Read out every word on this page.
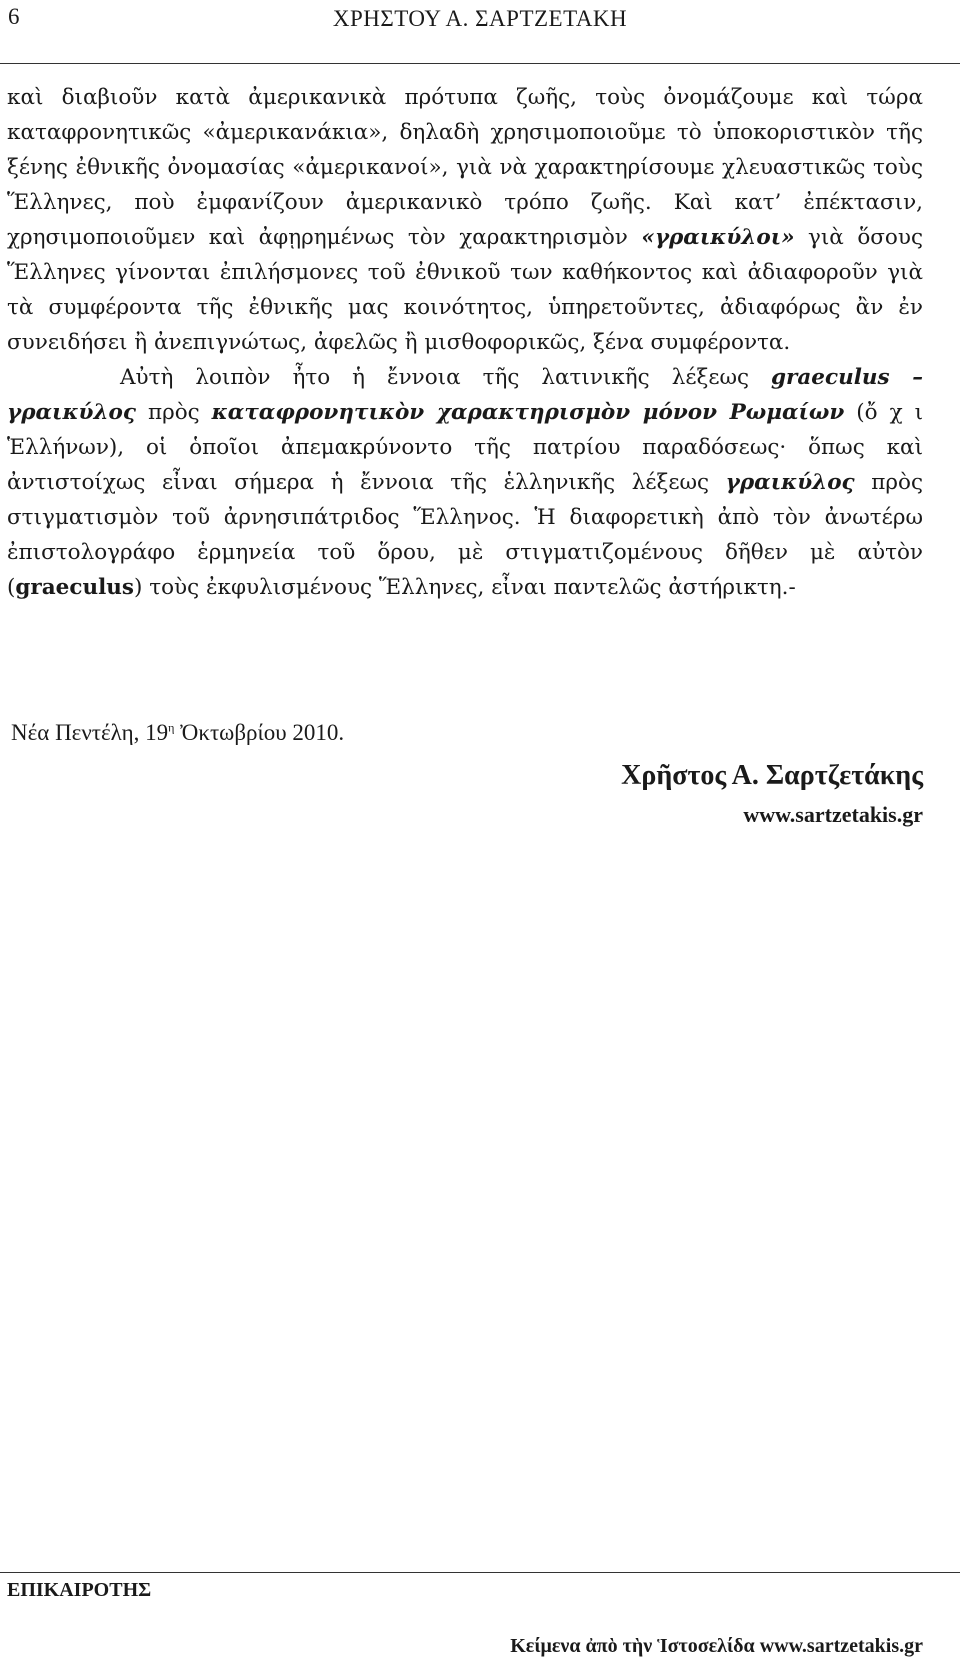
6	ΧΡΗΣΤΟΥ Α. ΣΑΡΤΖΕΤΑΚΗ

καὶ διαβιοῦν κατὰ ἀμερικανικὰ πρότυπα ζωῆς, τοὺς ὀνομάζουμε καὶ τώρα καταφρονητικῶς «ἀμερικανάκια», δηλαδὴ χρησιμοποιοῦμε τὸ ὑποκοριστικὸν τῆς ξένης ἐθνικῆς ὀνομασίας «ἀμερικανοί», γιὰ νὰ χαρακτηρίσουμε χλευαστικῶς τοὺς Ἕλληνες, ποὺ ἐμφανίζουν ἀμερικανικὸ τρόπο ζωῆς. Καὶ κατ’ ἐπέκτασιν, χρησιμοποιοῦμεν καὶ ἀφῃρημένως τὸν χαρακτηρισμὸν «γραικύλοι» γιὰ ὅσους Ἕλληνες γίνονται ἐπιλήσμονες τοῦ ἐθνικοῦ των καθήκοντος καὶ ἀδιαφοροῦν γιὰ τὰ συμφέροντα τῆς ἐθνικῆς μας κοινότητος, ὑπηρετοῦντες, ἀδιαφόρως ἂν ἐν συνειδήσει ἢ ἀνεπιγνώτως, ἀφελῶς ἢ μισθοφορικῶς, ξένα συμφέροντα.

Αὐτὴ λοιπὸν ἦτο ἡ ἔννοια τῆς λατινικῆς λέξεως graeculus – γραικύλος πρὸς καταφρονητικὸν χαρακτηρισμὸν μόνον Ρωμαίων (ὄ χ ι Ἑλλήνων), οἱ ὁποῖοι ἀπεμακρύνοντο τῆς πατρίου παραδόσεως· ὅπως καὶ ἀντιστοίχως εἶναι σήμερα ἡ ἔννοια τῆς ἑλληνικῆς λέξεως γραικύλος πρὸς στιγματισμὸν τοῦ ἀρνησιπάτριδος Ἕλληνος. Ἡ διαφορετικὴ ἀπὸ τὸν ἀνωτέρω ἐπιστολογράφο ἑρμηνεία τοῦ ὅρου, μὲ στιγματιζομένους δῆθεν μὲ αὐτὸν (graeculus) τοὺς ἐκφυλισμένους Ἕλληνες, εἶναι παντελῶς ἀστήρικτη.-

Νέα Πεντέλη, $19^\eta$ Ὀκτωβρίου 2010.
Χρῆστος Α. Σαρτζετάκης
www.sartzetakis.gr
ΕΠΙΚΑΙΡΟΤΗΣ
Κείμενα ἀπὸ τὴν Ἱστοσελίδα www.sartzetakis.gr
